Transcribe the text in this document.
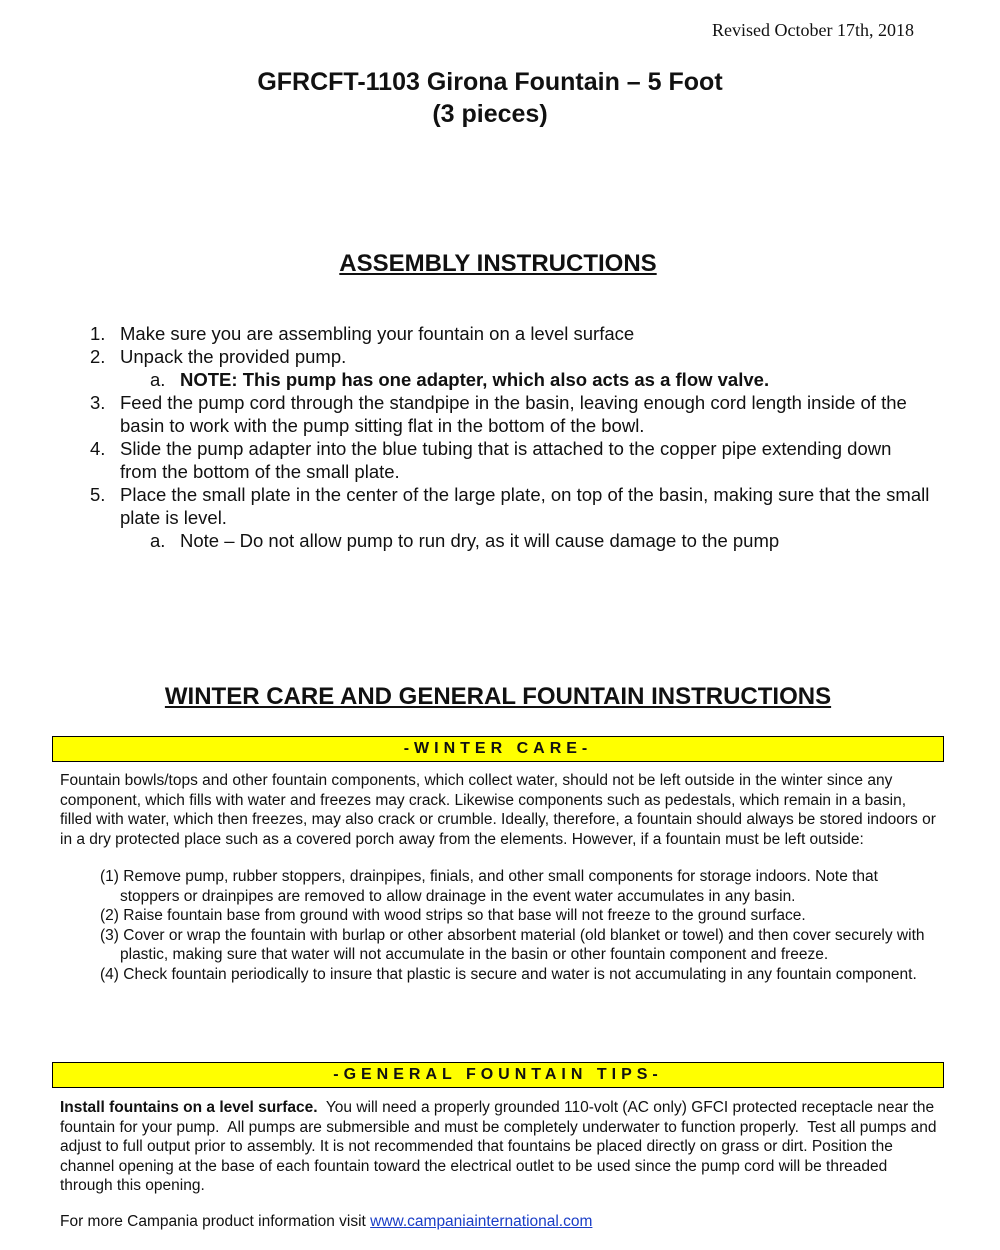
Revised October 17th, 2018
GFRCFT-1103 Girona Fountain – 5 Foot
(3 pieces)
ASSEMBLY INSTRUCTIONS
1. Make sure you are assembling your fountain on a level surface
2. Unpack the provided pump.
a. NOTE: This pump has one adapter, which also acts as a flow valve.
3. Feed the pump cord through the standpipe in the basin, leaving enough cord length inside of the basin to work with the pump sitting flat in the bottom of the bowl.
4. Slide the pump adapter into the blue tubing that is attached to the copper pipe extending down from the bottom of the small plate.
5. Place the small plate in the center of the large plate, on top of the basin, making sure that the small plate is level.
a. Note – Do not allow pump to run dry, as it will cause damage to the pump
WINTER CARE AND GENERAL FOUNTAIN INSTRUCTIONS
-WINTER CARE-
Fountain bowls/tops and other fountain components, which collect water, should not be left outside in the winter since any component, which fills with water and freezes may crack. Likewise components such as pedestals, which remain in a basin, filled with water, which then freezes, may also crack or crumble. Ideally, therefore, a fountain should always be stored indoors or in a dry protected place such as a covered porch away from the elements. However, if a fountain must be left outside:
(1) Remove pump, rubber stoppers, drainpipes, finials, and other small components for storage indoors. Note that stoppers or drainpipes are removed to allow drainage in the event water accumulates in any basin.
(2) Raise fountain base from ground with wood strips so that base will not freeze to the ground surface.
(3) Cover or wrap the fountain with burlap or other absorbent material (old blanket or towel) and then cover securely with plastic, making sure that water will not accumulate in the basin or other fountain component and freeze.
(4) Check fountain periodically to insure that plastic is secure and water is not accumulating in any fountain component.
-GENERAL FOUNTAIN TIPS-
Install fountains on a level surface.  You will need a properly grounded 110-volt (AC only) GFCI protected receptacle near the fountain for your pump.  All pumps are submersible and must be completely underwater to function properly.  Test all pumps and adjust to full output prior to assembly. It is not recommended that fountains be placed directly on grass or dirt. Position the channel opening at the base of each fountain toward the electrical outlet to be used since the pump cord will be threaded through this opening.
For more Campania product information visit www.campaniainternational.com
